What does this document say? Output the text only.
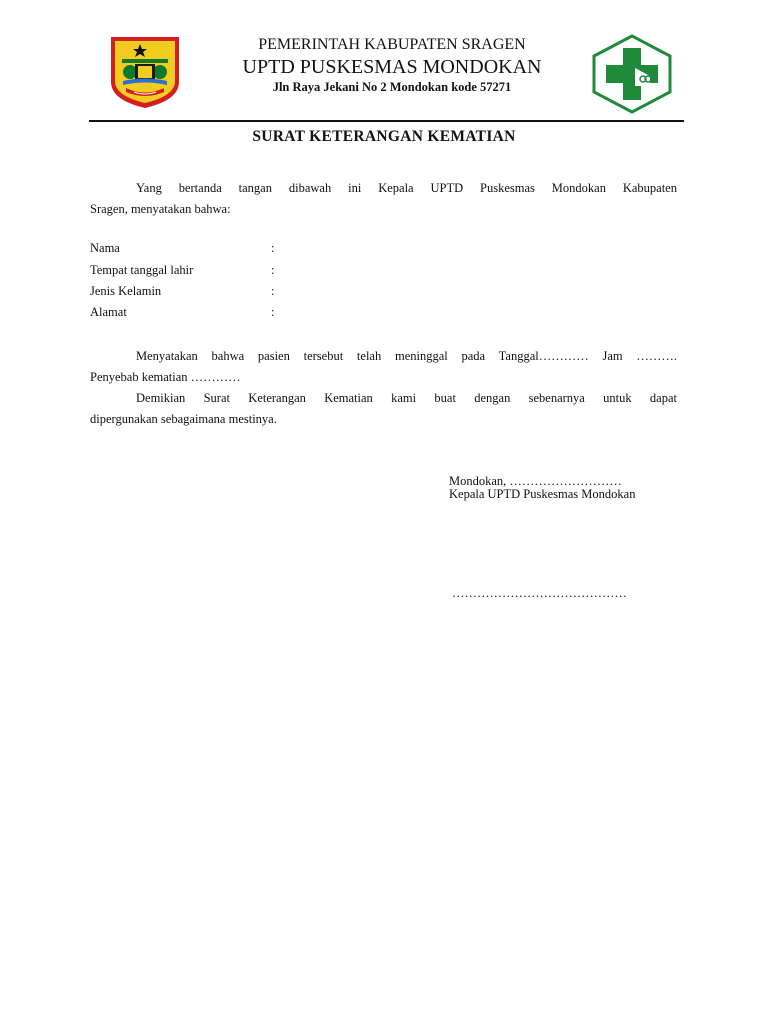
PEMERINTAH KABUPATEN SRAGEN
UPTD PUSKESMAS MONDOKAN
Jln Raya Jekani No 2 Mondokan kode 57271
SURAT KETERANGAN KEMATIAN
Yang bertanda tangan dibawah ini Kepala UPTD Puskesmas Mondokan Kabupaten
Sragen, menyatakan bahwa:
Nama	:
Tempat tanggal lahir	:
Jenis Kelamin	:
Alamat	:
Menyatakan bahwa pasien tersebut telah meninggal pada Tanggal………… Jam ……….
Penyebab kematian …………
Demikian Surat Keterangan Kematian kami buat dengan sebenarnya untuk dapat
dipergunakan sebagaimana mestinya.
Mondokan, ………………………
Kepala UPTD Puskesmas Mondokan
……………………………………
